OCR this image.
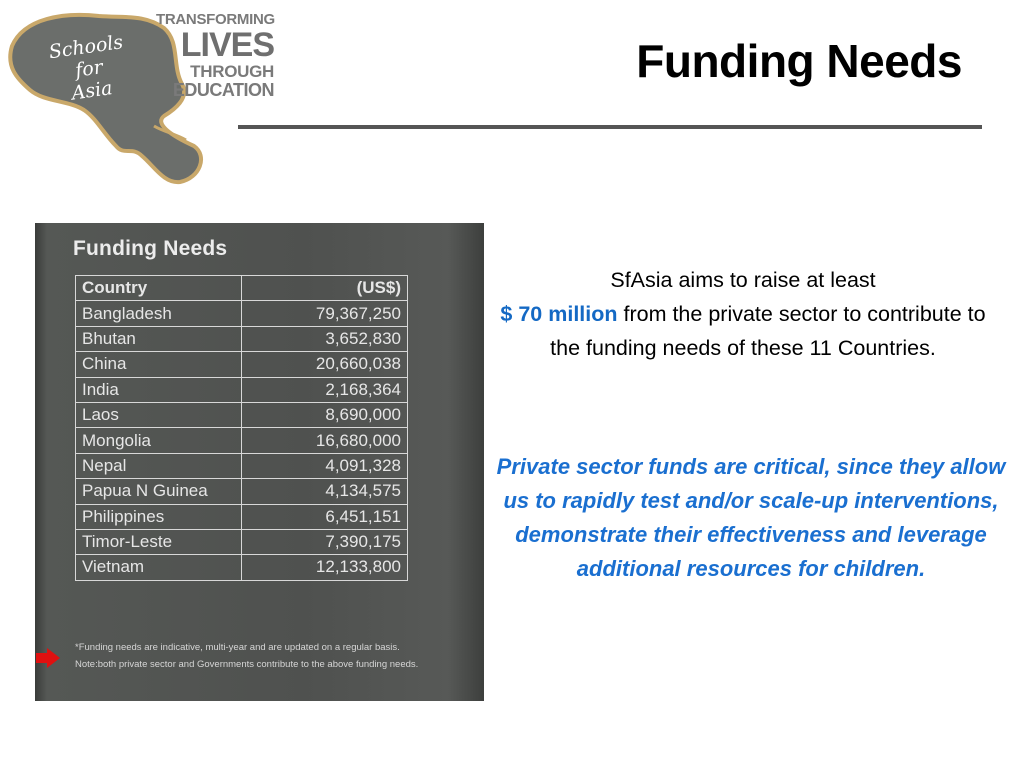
Schools
for
Asia
TRANSFORMING
LIVES
THROUGH
EDUCATION
Funding Needs
Funding Needs
Country	(US$)
Bangladesh	79,367,250
Bhutan	3,652,830
China	20,660,038
India	2,168,364
Laos	8,690,000
Mongolia	16,680,000
Nepal	4,091,328
Papua N Guinea	4,134,575
Philippines	6,451,151
Timor-Leste	7,390,175
Vietnam	12,133,800
*Funding needs are indicative, multi-year and are updated on a regular basis. Note:both private sector and Governments contribute to the above funding needs.
SfAsia aims to raise at least
$ 70 million from the private sector to contribute to the funding needs of these 11 Countries.
Private sector funds are critical, since they allow us to rapidly test and/or scale-up interventions, demonstrate their effectiveness and leverage additional resources for children.
